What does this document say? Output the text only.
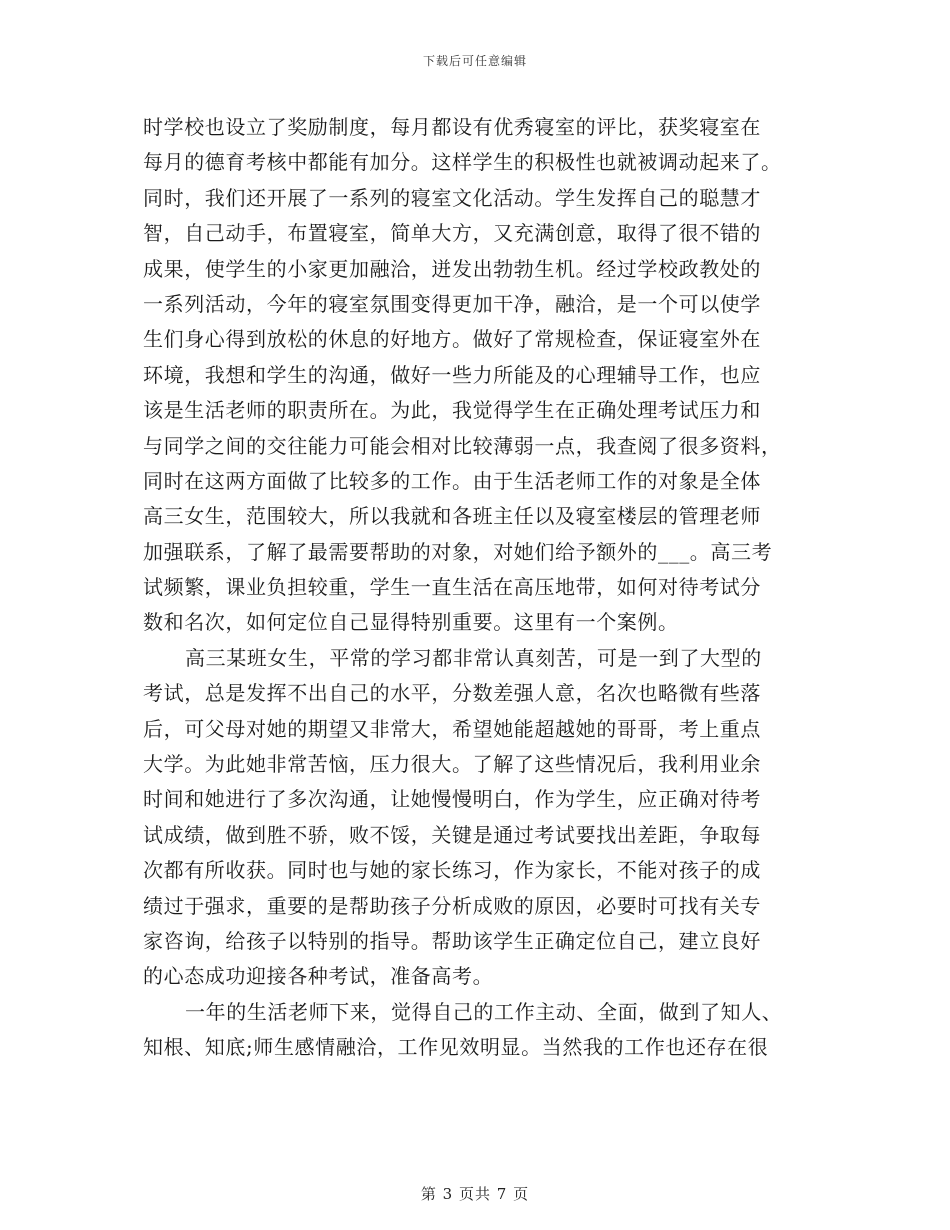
下载后可任意编辑
时学校也设立了奖励制度，每月都设有优秀寝室的评比，获奖寝室在
每月的德育考核中都能有加分。这样学生的积极性也就被调动起来了。
同时，我们还开展了一系列的寝室文化活动。学生发挥自己的聪慧才
智，自己动手，布置寝室，简单大方，又充满创意，取得了很不错的
成果，使学生的小家更加融洽，迸发出勃勃生机。经过学校政教处的
一系列活动，今年的寝室氛围变得更加干净，融洽，是一个可以使学
生们身心得到放松的休息的好地方。做好了常规检查，保证寝室外在
环境，我想和学生的沟通，做好一些力所能及的心理辅导工作，也应
该是生活老师的职责所在。为此，我觉得学生在正确处理考试压力和
与同学之间的交往能力可能会相对比较薄弱一点，我查阅了很多资料，
同时在这两方面做了比较多的工作。由于生活老师工作的对象是全体
高三女生，范围较大，所以我就和各班主任以及寝室楼层的管理老师
加强联系，了解了最需要帮助的对象，对她们给予额外的___。高三考
试频繁，课业负担较重，学生一直生活在高压地带，如何对待考试分
数和名次，如何定位自己显得特别重要。这里有一个案例。
高三某班女生，平常的学习都非常认真刻苦，可是一到了大型的
考试，总是发挥不出自己的水平，分数差强人意，名次也略微有些落
后，可父母对她的期望又非常大，希望她能超越她的哥哥，考上重点
大学。为此她非常苦恼，压力很大。了解了这些情况后，我利用业余
时间和她进行了多次沟通，让她慢慢明白，作为学生，应正确对待考
试成绩，做到胜不骄，败不馁，关键是通过考试要找出差距，争取每
次都有所收获。同时也与她的家长练习，作为家长，不能对孩子的成
绩过于强求，重要的是帮助孩子分析成败的原因，必要时可找有关专
家咨询，给孩子以特别的指导。帮助该学生正确定位自己，建立良好
的心态成功迎接各种考试，准备高考。
一年的生活老师下来，觉得自己的工作主动、全面，做到了知人、
知根、知底;师生感情融洽，工作见效明显。当然我的工作也还存在很
第 3 页共 7 页
